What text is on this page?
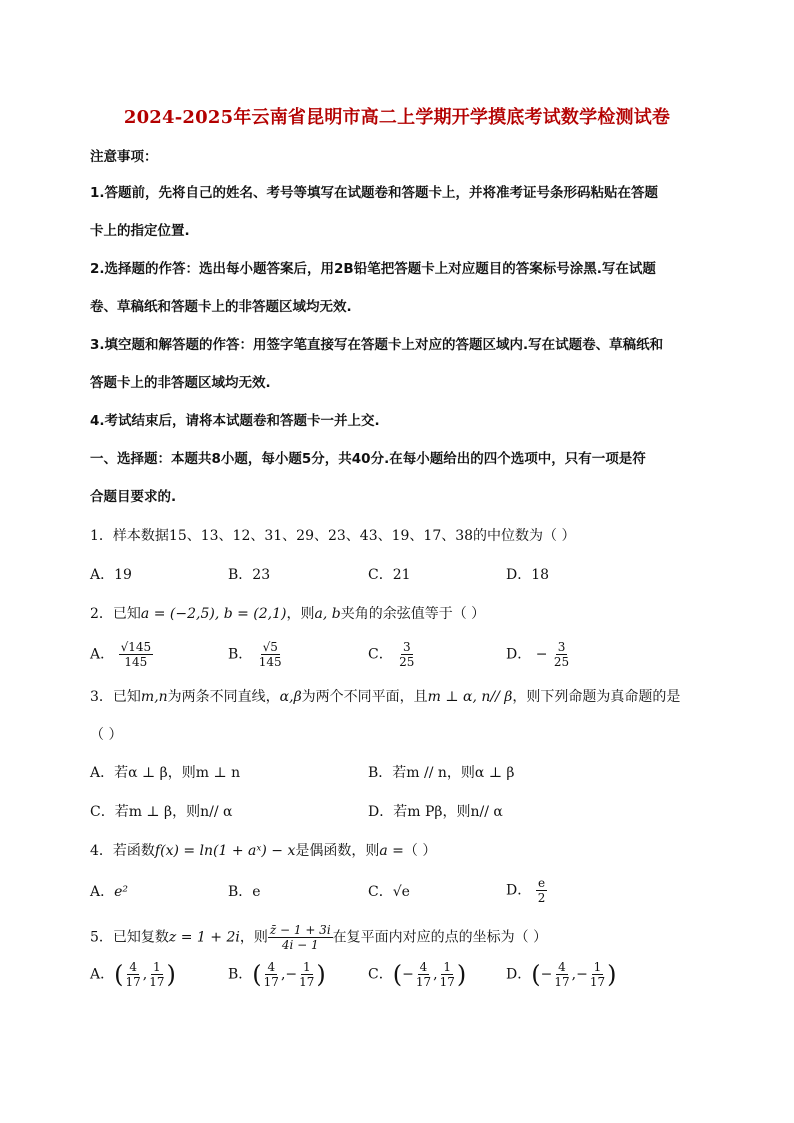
2024-2025年云南省昆明市高二上学期开学摸底考试数学检测试卷
注意事项：
1.答题前，先将自己的姓名、考号等填写在试题卷和答题卡上，并将准考证号条形码粘贴在答题
卡上的指定位置.
2.选择题的作答：选出每小题答案后，用2B铅笔把答题卡上对应题目的答案标号涂黑.写在试题
卷、草稿纸和答题卡上的非答题区域均无效.
3.填空题和解答题的作答：用签字笔直接写在答题卡上对应的答题区域内.写在试题卷、草稿纸和
答题卡上的非答题区域均无效.
4.考试结束后，请将本试题卷和答题卡一并上交.
一、选择题：本题共8小题，每小题5分，共40分.在每小题给出的四个选项中，只有一项是符
合题目要求的.
1．样本数据15、13、12、31、29、23、43、19、17、38的中位数为（ ）
A．19	B．23	C．21	D．18
2．已知a = (−2,5), b = (2,1)，则a, b夹角的余弦值等于（ ）
A． $\frac{√145}{145}$	B． $\frac{√5}{145}$	C． $\frac{3}{25}$	D． − $\frac{3}{25}$
3．已知m,n为两条不同直线，α,β为两个不同平面，且m ⊥ α, n// β，则下列命题为真命题的是
（ ）
A．若α ⊥ β，则m ⊥ n	B．若m // n，则α ⊥ β
C．若m ⊥ β，则n// α	D．若m Pβ，则n// α
4．若函数f(x) = ln(1 + aˣ) − x是偶函数，则a =（ ）
A．e²	B．e	C．√e	D． $\frac{e}{2}$
5．已知复数z = 1 + 2i，则 $\frac{z̄ - 1 + 3i}{4i - 1}$ 在复平面内对应的点的坐标为（ ）
A．( $\frac{4}{17}$ , $\frac{1}{17}$ )	B．( $\frac{4}{17}$ ,− $\frac{1}{17}$ )	C．(− $\frac{4}{17}$ , $\frac{1}{17}$ )	D．(− $\frac{4}{17}$ ,− $\frac{1}{17}$ )
